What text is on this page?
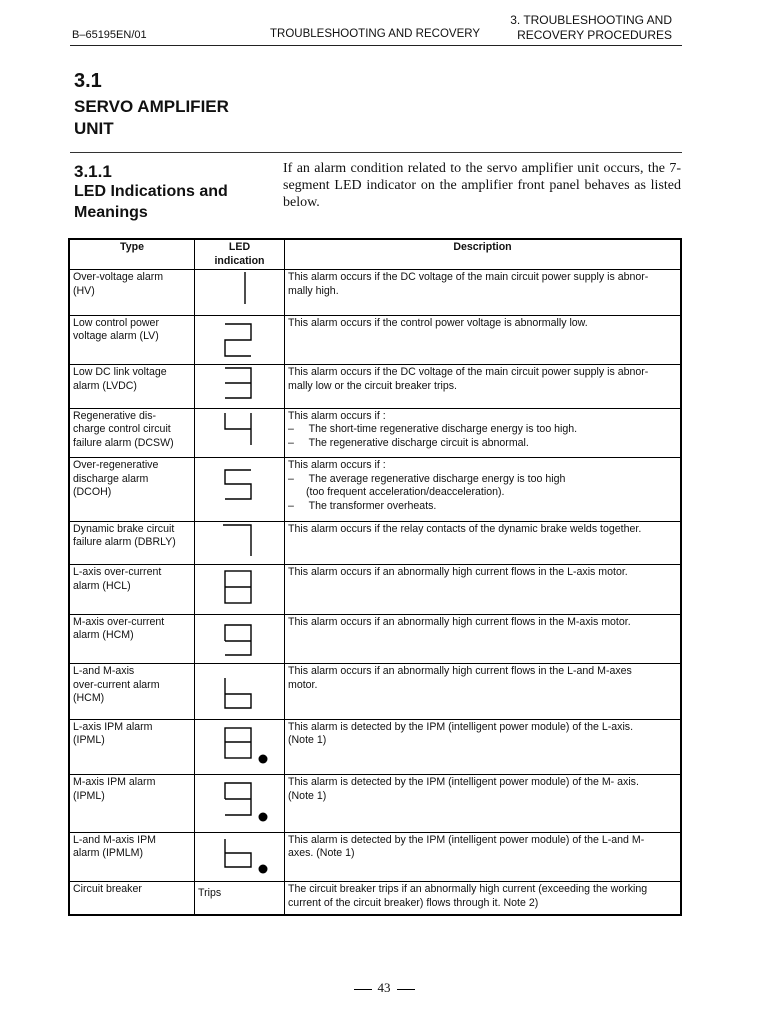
B–65195EN/01	TROUBLESHOOTING AND RECOVERY
3. TROUBLESHOOTING AND
RECOVERY PROCEDURES
3.1
SERVO AMPLIFIER
UNIT
3.1.1
LED Indications and
Meanings
If an alarm condition related to the servo amplifier unit occurs, the 7-segment LED indicator on the amplifier front panel behaves as listed below.
Type	LED
indication	Description

Over-voltage alarm
(HV)		This alarm occurs if the DC voltage of the main circuit power supply is abnor-
mally high.

Low control power
voltage alarm (LV)		This alarm occurs if the control power voltage is abnormally low.

Low DC link voltage
alarm (LVDC)		This alarm occurs if the DC voltage of the main circuit power supply is abnor-
mally low or the circuit breaker trips.

Regenerative dis-
charge control circuit
failure alarm (DCSW)		This alarm occurs if :
–     The short-time regenerative discharge energy is too high.
–     The regenerative discharge circuit is abnormal.

Over-regenerative
discharge alarm
(DCOH)		This alarm occurs if :
–     The average regenerative discharge energy is too high
(too frequent acceleration/deacceleration).
–     The transformer overheats.

Dynamic brake circuit
failure alarm (DBRLY)		This alarm occurs if the relay contacts of the dynamic brake welds together.

L-axis over-current
alarm (HCL)		This alarm occurs if an abnormally high current flows in the L-axis motor.

M-axis over-current
alarm (HCM)		This alarm occurs if an abnormally high current flows in the M-axis motor.

L-and M-axis
over-current alarm
(HCM)		This alarm occurs if an abnormally high current flows in the L-and M-axes
motor.

L-axis IPM alarm
(IPML)		This alarm is detected by the IPM (intelligent power module) of the L-axis.
(Note 1)

M-axis IPM alarm
(IPML)		This alarm is detected by the IPM (intelligent power module) of the M- axis.
(Note 1)

L-and M-axis IPM
alarm (IPMLM)		This alarm is detected by the IPM (intelligent power module) of the L-and M-
axes. (Note 1)

Circuit breaker	Trips	The circuit breaker trips if an abnormally high current (exceeding the working
current of the circuit breaker) flows through it. Note 2)
43
